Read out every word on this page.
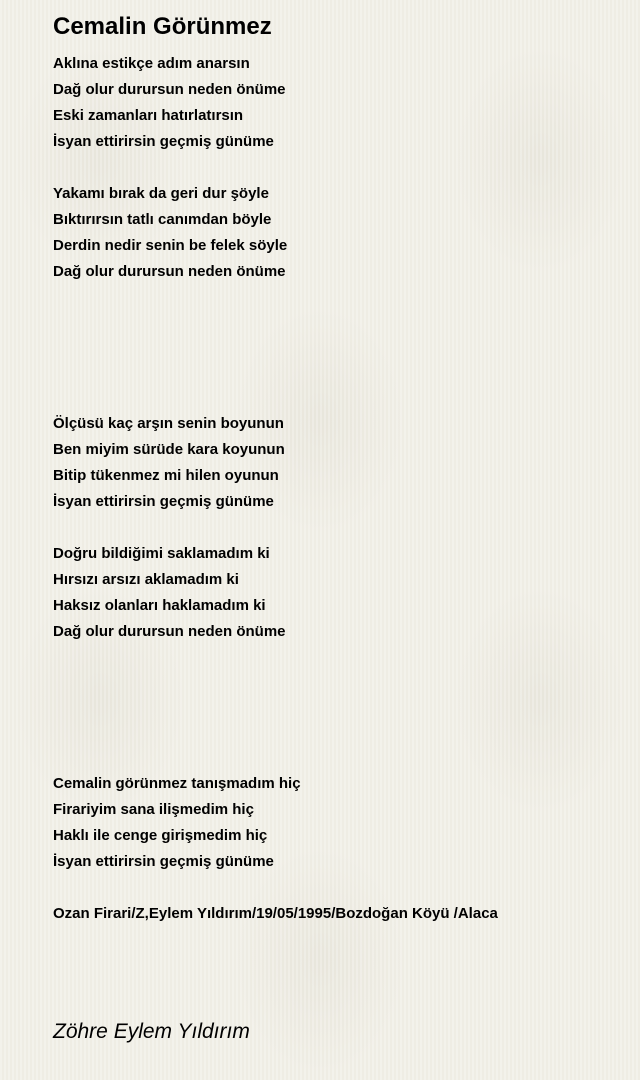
Cemalin Görünmez
Aklına estikçe adım anarsın
Dağ olur durursun neden önüme
Eski zamanları hatırlatırsın
İsyan ettirirsin geçmiş günüme
Yakamı bırak da geri dur şöyle
Bıktırırsın tatlı canımdan böyle
Derdin nedir senin be felek söyle
Dağ olur durursun neden önüme
Ölçüsü kaç arşın senin boyunun
Ben miyim sürüde kara koyunun
Bitip tükenmez mi hilen oyunun
İsyan ettirirsin geçmiş günüme
Doğru bildiğimi saklamadım ki
Hırsızı arsızı aklamadım ki
Haksız olanları haklamadım ki
Dağ olur durursun neden önüme
Cemalin görünmez tanışmadım hiç
Firariyim sana ilişmedim hiç
Haklı ile cenge girişmedim hiç
İsyan ettirirsin geçmiş günüme
Ozan Firari/Z,Eylem Yıldırım/19/05/1995/Bozdoğan Köyü /Alaca
Zöhre Eylem Yıldırım
